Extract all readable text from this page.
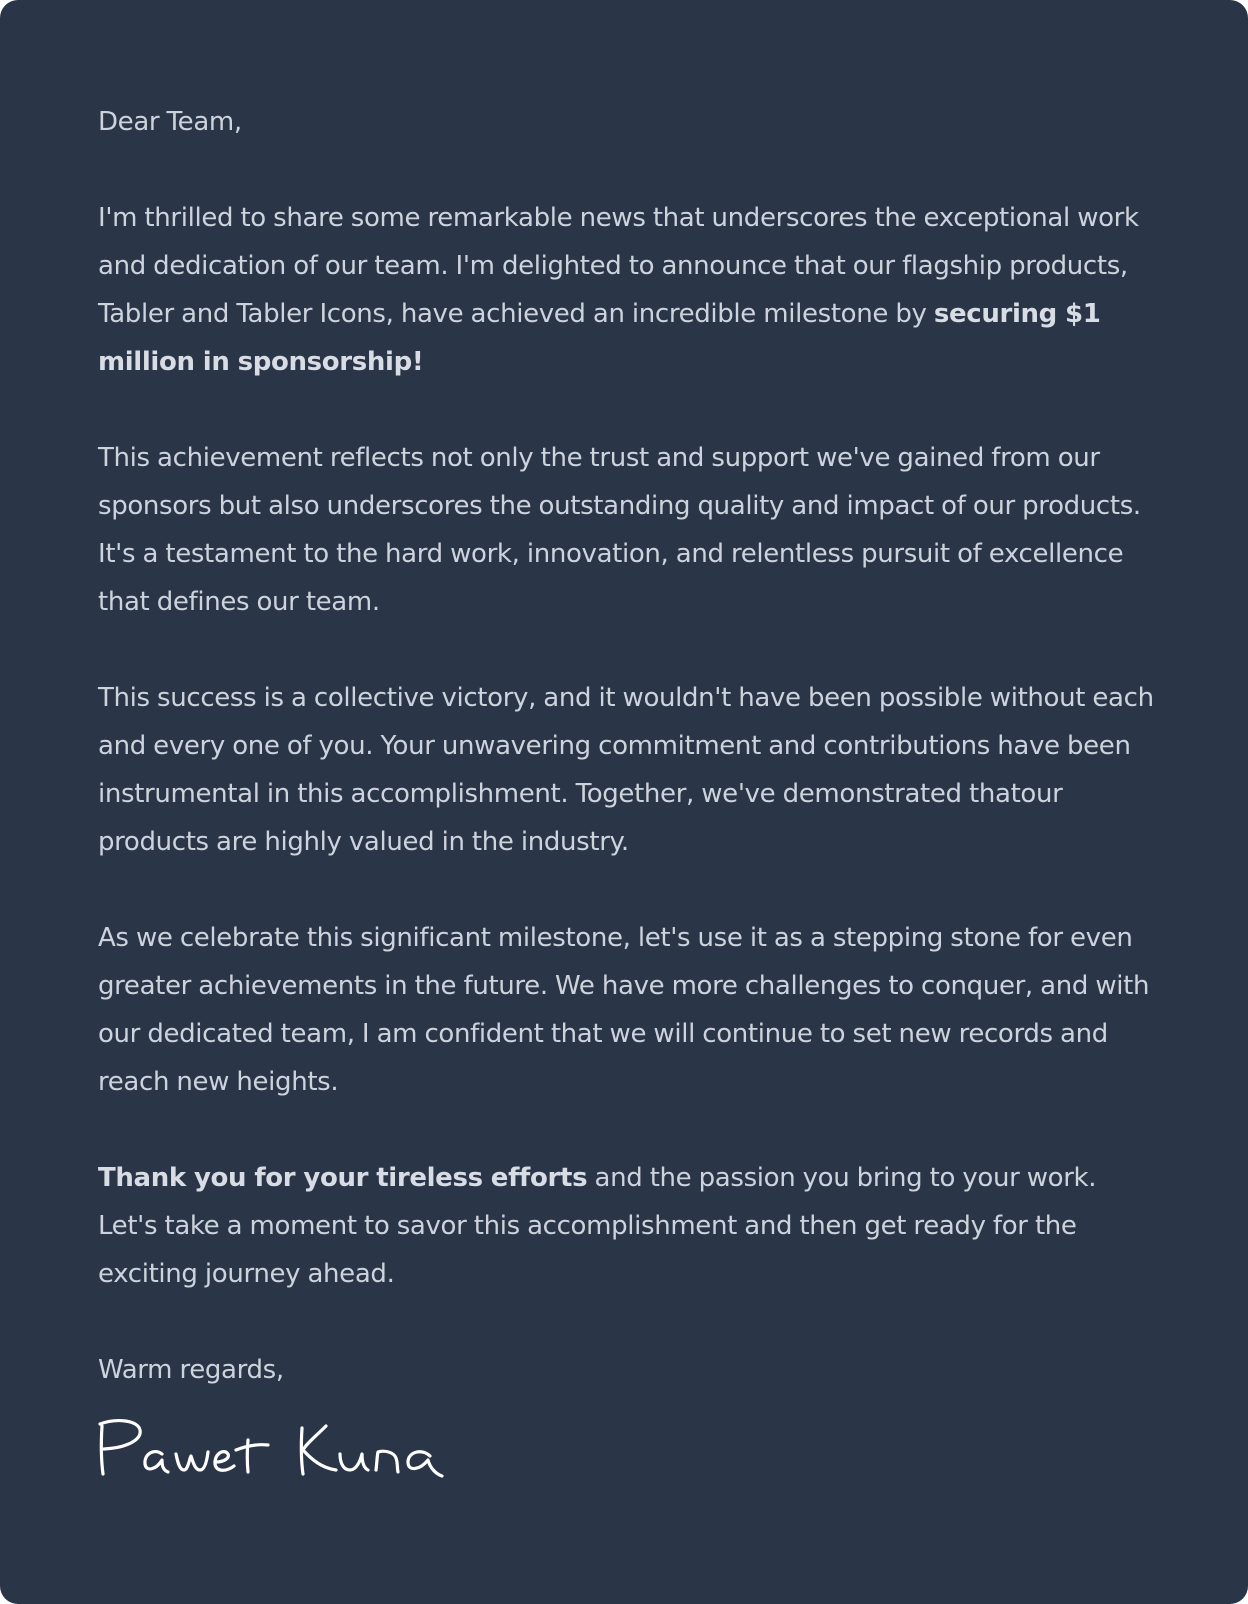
Dear Team,

I'm thrilled to share some remarkable news that underscores the exceptional work and dedication of our team. I'm delighted to announce that our flagship products, Tabler and Tabler Icons, have achieved an incredible milestone by securing $1 million in sponsorship!

This achievement reflects not only the trust and support we've gained from our sponsors but also underscores the outstanding quality and impact of our products. It's a testament to the hard work, innovation, and relentless pursuit of excellence that defines our team.

This success is a collective victory, and it wouldn't have been possible without each and every one of you. Your unwavering commitment and contributions have been instrumental in this accomplishment. Together, we've demonstrated thatour products are highly valued in the industry.

As we celebrate this significant milestone, let's use it as a stepping stone for even greater achievements in the future. We have more challenges to conquer, and with our dedicated team, I am confident that we will continue to set new records and reach new heights.

Thank you for your tireless efforts and the passion you bring to your work. Let's take a moment to savor this accomplishment and then get ready for the exciting journey ahead.

Warm regards,
